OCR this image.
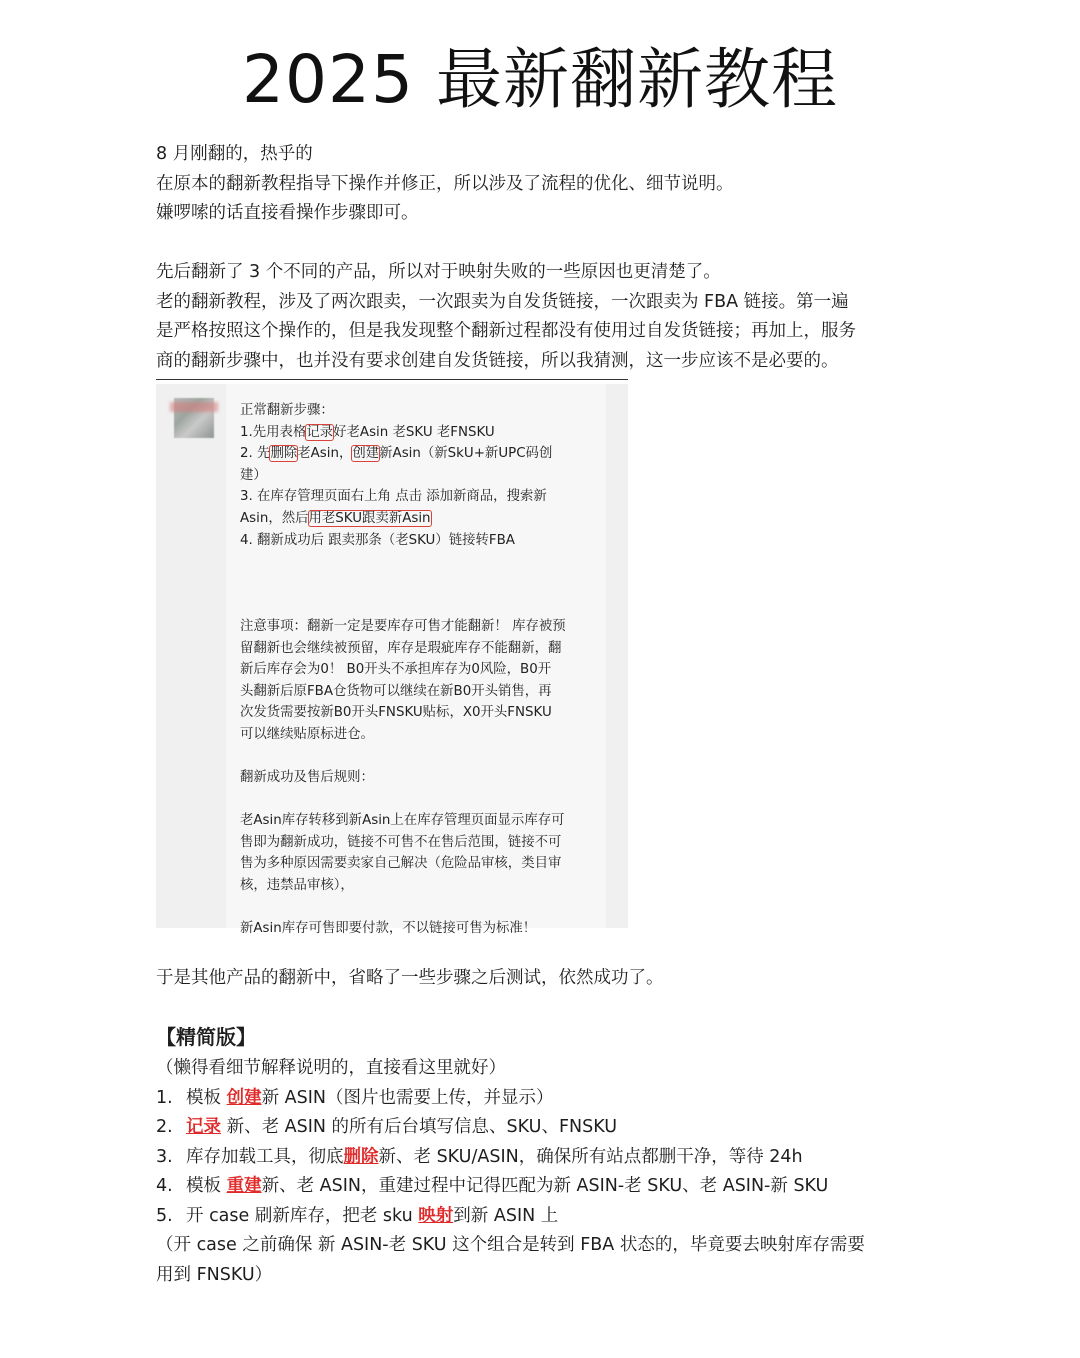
2025 最新翻新教程

8 月刚翻的，热乎的

在原本的翻新教程指导下操作并修正，所以涉及了流程的优化、细节说明。

嫌啰嗦的话直接看操作步骤即可。

先后翻新了 3 个不同的产品，所以对于映射失败的一些原因也更清楚了。

老的翻新教程，涉及了两次跟卖，一次跟卖为自发货链接，一次跟卖为 FBA 链接。第一遍

是严格按照这个操作的，但是我发现整个翻新过程都没有使用过自发货链接；再加上，服务

商的翻新步骤中，也并没有要求创建自发货链接，所以我猜测，这一步应该不是必要的。

正常翻新步骤：

1.先用表格记录好老Asin 老SKU 老FNSKU

2. 先删除老Asin，创建新Asin（新SkU+新UPC码创

建）

3. 在库存管理页面右上角 点击 添加新商品，搜索新

Asin，然后用老SKU跟卖新Asin

4. 翻新成功后 跟卖那条（老SKU）链接转FBA

注意事项：翻新一定是要库存可售才能翻新！ 库存被预

留翻新也会继续被预留，库存是瑕疵库存不能翻新，翻

新后库存会为0！ B0开头不承担库存为0风险，B0开

头翻新后原FBA仓货物可以继续在新B0开头销售，再

次发货需要按新B0开头FNSKU贴标，X0开头FNSKU

可以继续贴原标进仓。

翻新成功及售后规则：

老Asin库存转移到新Asin上在库存管理页面显示库存可

售即为翻新成功，链接不可售不在售后范围，链接不可

售为多种原因需要卖家自己解决（危险品审核，类目审

核，违禁品审核），

新Asin库存可售即要付款，不以链接可售为标准！

于是其他产品的翻新中，省略了一些步骤之后测试，依然成功了。

【精简版】

（懒得看细节解释说明的，直接看这里就好）

1. 模板 创建新 ASIN（图片也需要上传，并显示）

2. 记录 新、老 ASIN 的所有后台填写信息、SKU、FNSKU

3. 库存加载工具，彻底删除新、老 SKU/ASIN，确保所有站点都删干净，等待 24h

4. 模板 重建新、老 ASIN，重建过程中记得匹配为新 ASIN-老 SKU、老 ASIN-新 SKU

5. 开 case 刷新库存，把老 sku 映射到新 ASIN 上

（开 case 之前确保 新 ASIN-老 SKU 这个组合是转到 FBA 状态的，毕竟要去映射库存需要

用到 FNSKU）
